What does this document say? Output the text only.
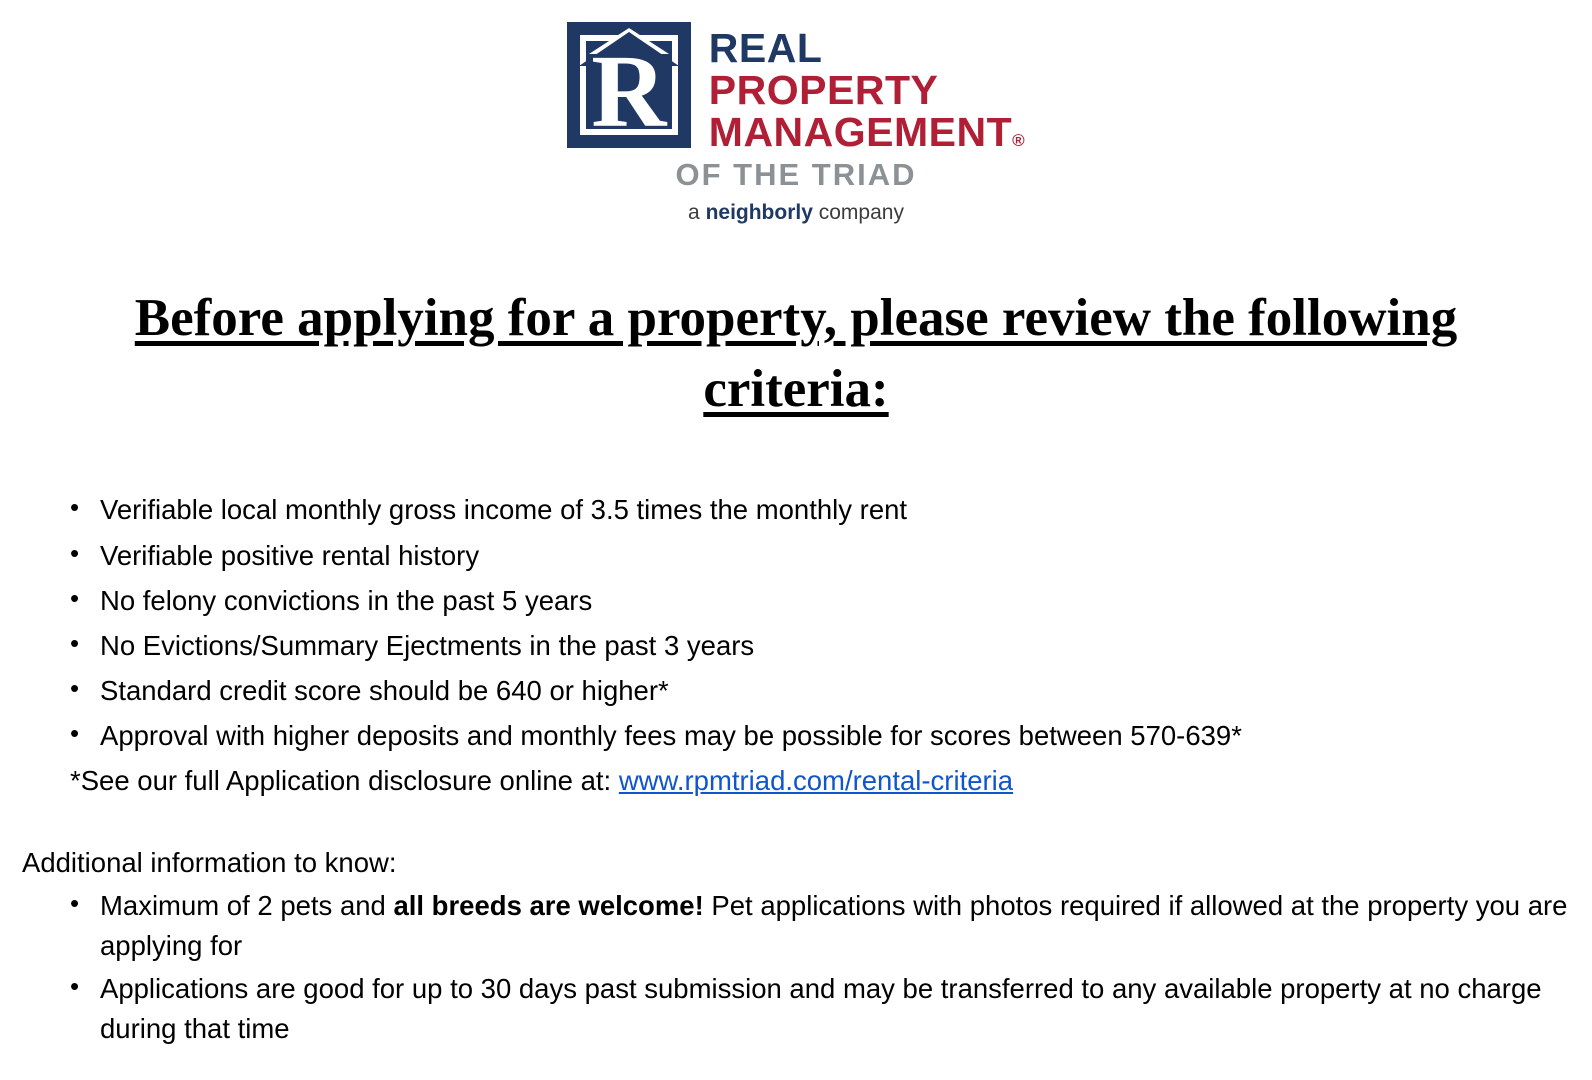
R	REAL
PROPERTY
MANAGEMENT®
OF THE TRIAD
a neighborly company
Before applying for a property, please review the following criteria:
• Verifiable local monthly gross income of 3.5 times the monthly rent
• Verifiable positive rental history
• No felony convictions in the past 5 years
• No Evictions/Summary Ejectments in the past 3 years
• Standard credit score should be 640 or higher*
• Approval with higher deposits and monthly fees may be possible for scores between 570-639*
*See our full Application disclosure online at: www.rpmtriad.com/rental-criteria
Additional information to know:
• Maximum of 2 pets and all breeds are welcome! Pet applications with photos required if allowed at the property you are applying for
• Applications are good for up to 30 days past submission and may be transferred to any available property at no charge during that time
